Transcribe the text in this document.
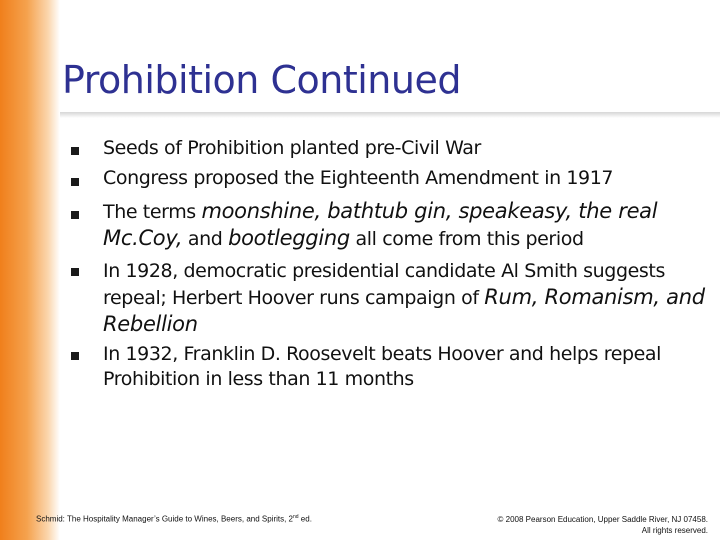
Prohibition Continued

Seeds of Prohibition planted pre-Civil War

Congress proposed the Eighteenth Amendment in 1917

The terms moonshine, bathtub gin, speakeasy, the real Mc.Coy, and bootlegging all come from this period

In 1928, democratic presidential candidate Al Smith suggests repeal; Herbert Hoover runs campaign of Rum, Romanism, and Rebellion

In 1932, Franklin D. Roosevelt beats Hoover and helps repeal Prohibition in less than 11 months

Schmid: The Hospitality Manager’s Guide to Wines, Beers, and Spirits, 2nd ed.	© 2008 Pearson Education, Upper Saddle River, NJ 07458.
All rights reserved.
